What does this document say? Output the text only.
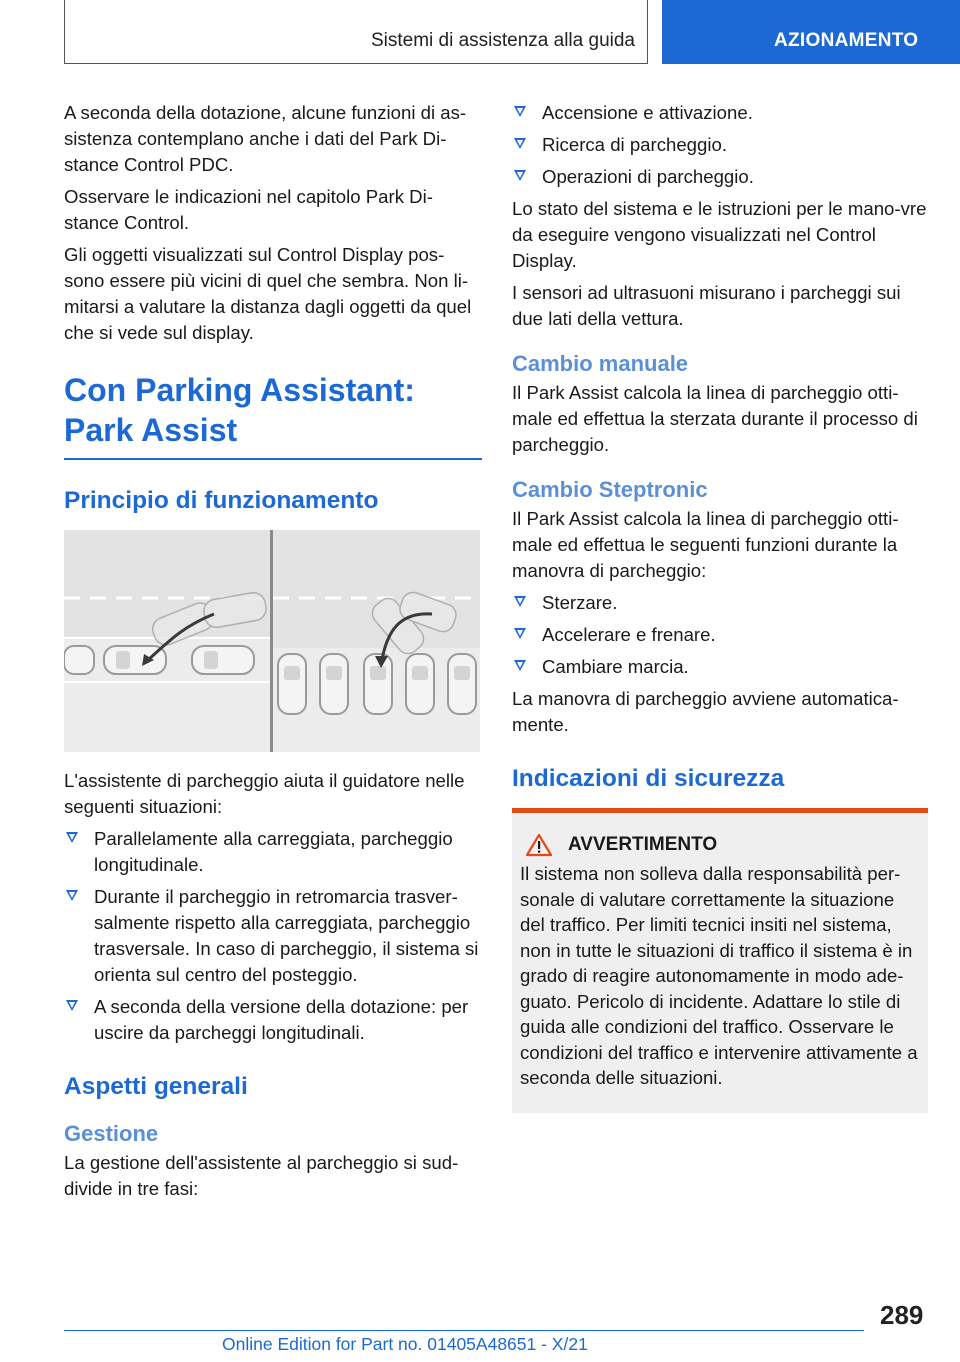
Sistemi di assistenza alla guida	AZIONAMENTO

A seconda della dotazione, alcune funzioni di as-sistenza contemplano anche i dati del Park Di-stance Control PDC.

Osservare le indicazioni nel capitolo Park Di-stance Control.

Gli oggetti visualizzati sul Control Display pos-sono essere più vicini di quel che sembra. Non li-mitarsi a valutare la distanza dagli oggetti da quel che si vede sul display.

Con Parking Assistant:
Park Assist
Principio di funzionamento

L'assistente di parcheggio aiuta il guidatore nelle seguenti situazioni:

Parallelamente alla carreggiata, parcheggio longitudinale.
Durante il parcheggio in retromarcia trasver-salmente rispetto alla carreggiata, parcheggio trasversale. In caso di parcheggio, il sistema si orienta sul centro del posteggio.
A seconda della versione della dotazione: per uscire da parcheggi longitudinali.
Aspetti generali
Gestione

La gestione dell'assistente al parcheggio si sud-divide in tre fasi:

Accensione e attivazione.
Ricerca di parcheggio.
Operazioni di parcheggio.

Lo stato del sistema e le istruzioni per le mano-vre da eseguire vengono visualizzati nel Control Display.

I sensori ad ultrasuoni misurano i parcheggi sui due lati della vettura.

Cambio manuale

Il Park Assist calcola la linea di parcheggio otti-male ed effettua la sterzata durante il processo di parcheggio.

Cambio Steptronic

Il Park Assist calcola la linea di parcheggio otti-male ed effettua le seguenti funzioni durante la manovra di parcheggio:

Sterzare.
Accelerare e frenare.
Cambiare marcia.

La manovra di parcheggio avviene automatica-mente.

Indicazioni di sicurezza
AVVERTIMENTO

Il sistema non solleva dalla responsabilità per-sonale di valutare correttamente la situazione del traffico. Per limiti tecnici insiti nel sistema, non in tutte le situazioni di traffico il sistema è in grado di reagire autonomamente in modo ade-guato. Pericolo di incidente. Adattare lo stile di guida alle condizioni del traffico. Osservare le condizioni del traffico e intervenire attivamente a seconda delle situazioni.

289
Online Edition for Part no. 01405A48651 - X/21
